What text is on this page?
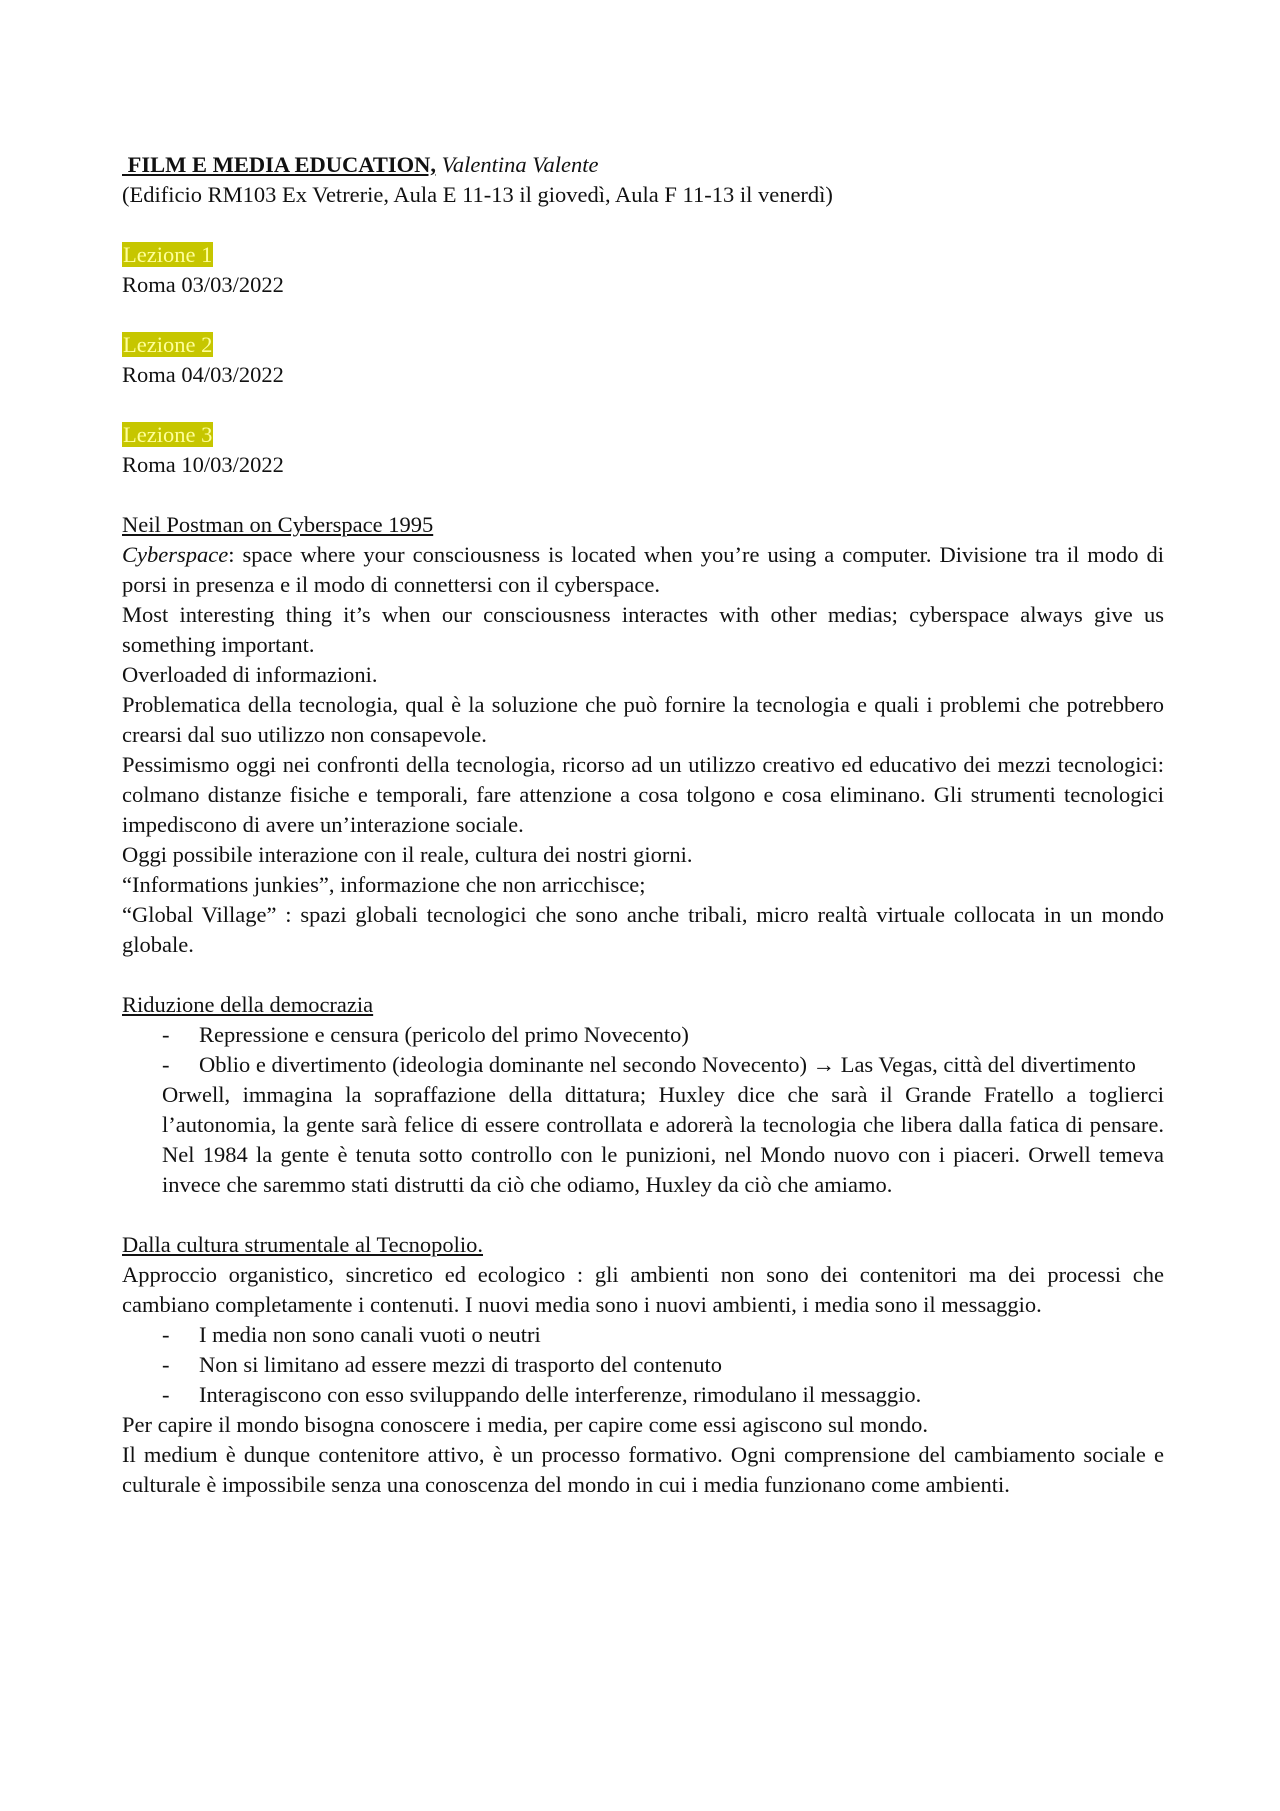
FILM E MEDIA EDUCATION, Valentina Valente

(Edificio RM103 Ex Vetrerie, Aula E 11-13 il giovedì, Aula F 11-13 il venerdì)

Lezione 1

Roma 03/03/2022

Lezione 2

Roma 04/03/2022

Lezione 3

Roma 10/03/2022

Neil Postman on Cyberspace 1995

Cyberspace: space where your consciousness is located when you’re using a computer. Divisione tra il modo di porsi in presenza e il modo di connettersi con il cyberspace.

Most interesting thing it’s when our consciousness interactes with other medias; cyberspace always give us something important.

Overloaded di informazioni.

Problematica della tecnologia, qual è la soluzione che può fornire la tecnologia e quali i problemi che potrebbero crearsi dal suo utilizzo non consapevole.

Pessimismo oggi nei confronti della tecnologia, ricorso ad un utilizzo creativo ed educativo dei mezzi tecnologici: colmano distanze fisiche e temporali, fare attenzione a cosa tolgono e cosa eliminano. Gli strumenti tecnologici impediscono di avere un’interazione sociale.

Oggi possibile interazione con il reale, cultura dei nostri giorni.

“Informations junkies”, informazione che non arricchisce;

“Global Village” : spazi globali tecnologici che sono anche tribali, micro realtà virtuale collocata in un mondo globale.

Riduzione della democrazia

- Repressione e censura (pericolo del primo Novecento)
- Oblio e divertimento (ideologia dominante nel secondo Novecento) → Las Vegas, città del divertimento

Orwell, immagina la sopraffazione della dittatura; Huxley dice che sarà il Grande Fratello a toglierci l’autonomia, la gente sarà felice di essere controllata e adorerà la tecnologia che libera dalla fatica di pensare. Nel 1984 la gente è tenuta sotto controllo con le punizioni, nel Mondo nuovo con i piaceri. Orwell temeva invece che saremmo stati distrutti da ciò che odiamo, Huxley da ciò che amiamo.

Dalla cultura strumentale al Tecnopolio.

Approccio organistico, sincretico ed ecologico : gli ambienti non sono dei contenitori ma dei processi che cambiano completamente i contenuti. I nuovi media sono i nuovi ambienti, i media sono il messaggio.

- I media non sono canali vuoti o neutri
- Non si limitano ad essere mezzi di trasporto del contenuto
- Interagiscono con esso sviluppando delle interferenze, rimodulano il messaggio.

Per capire il mondo bisogna conoscere i media, per capire come essi agiscono sul mondo.

Il medium è dunque contenitore attivo, è un processo formativo. Ogni comprensione del cambiamento sociale e culturale è impossibile senza una conoscenza del mondo in cui i media funzionano come ambienti.
